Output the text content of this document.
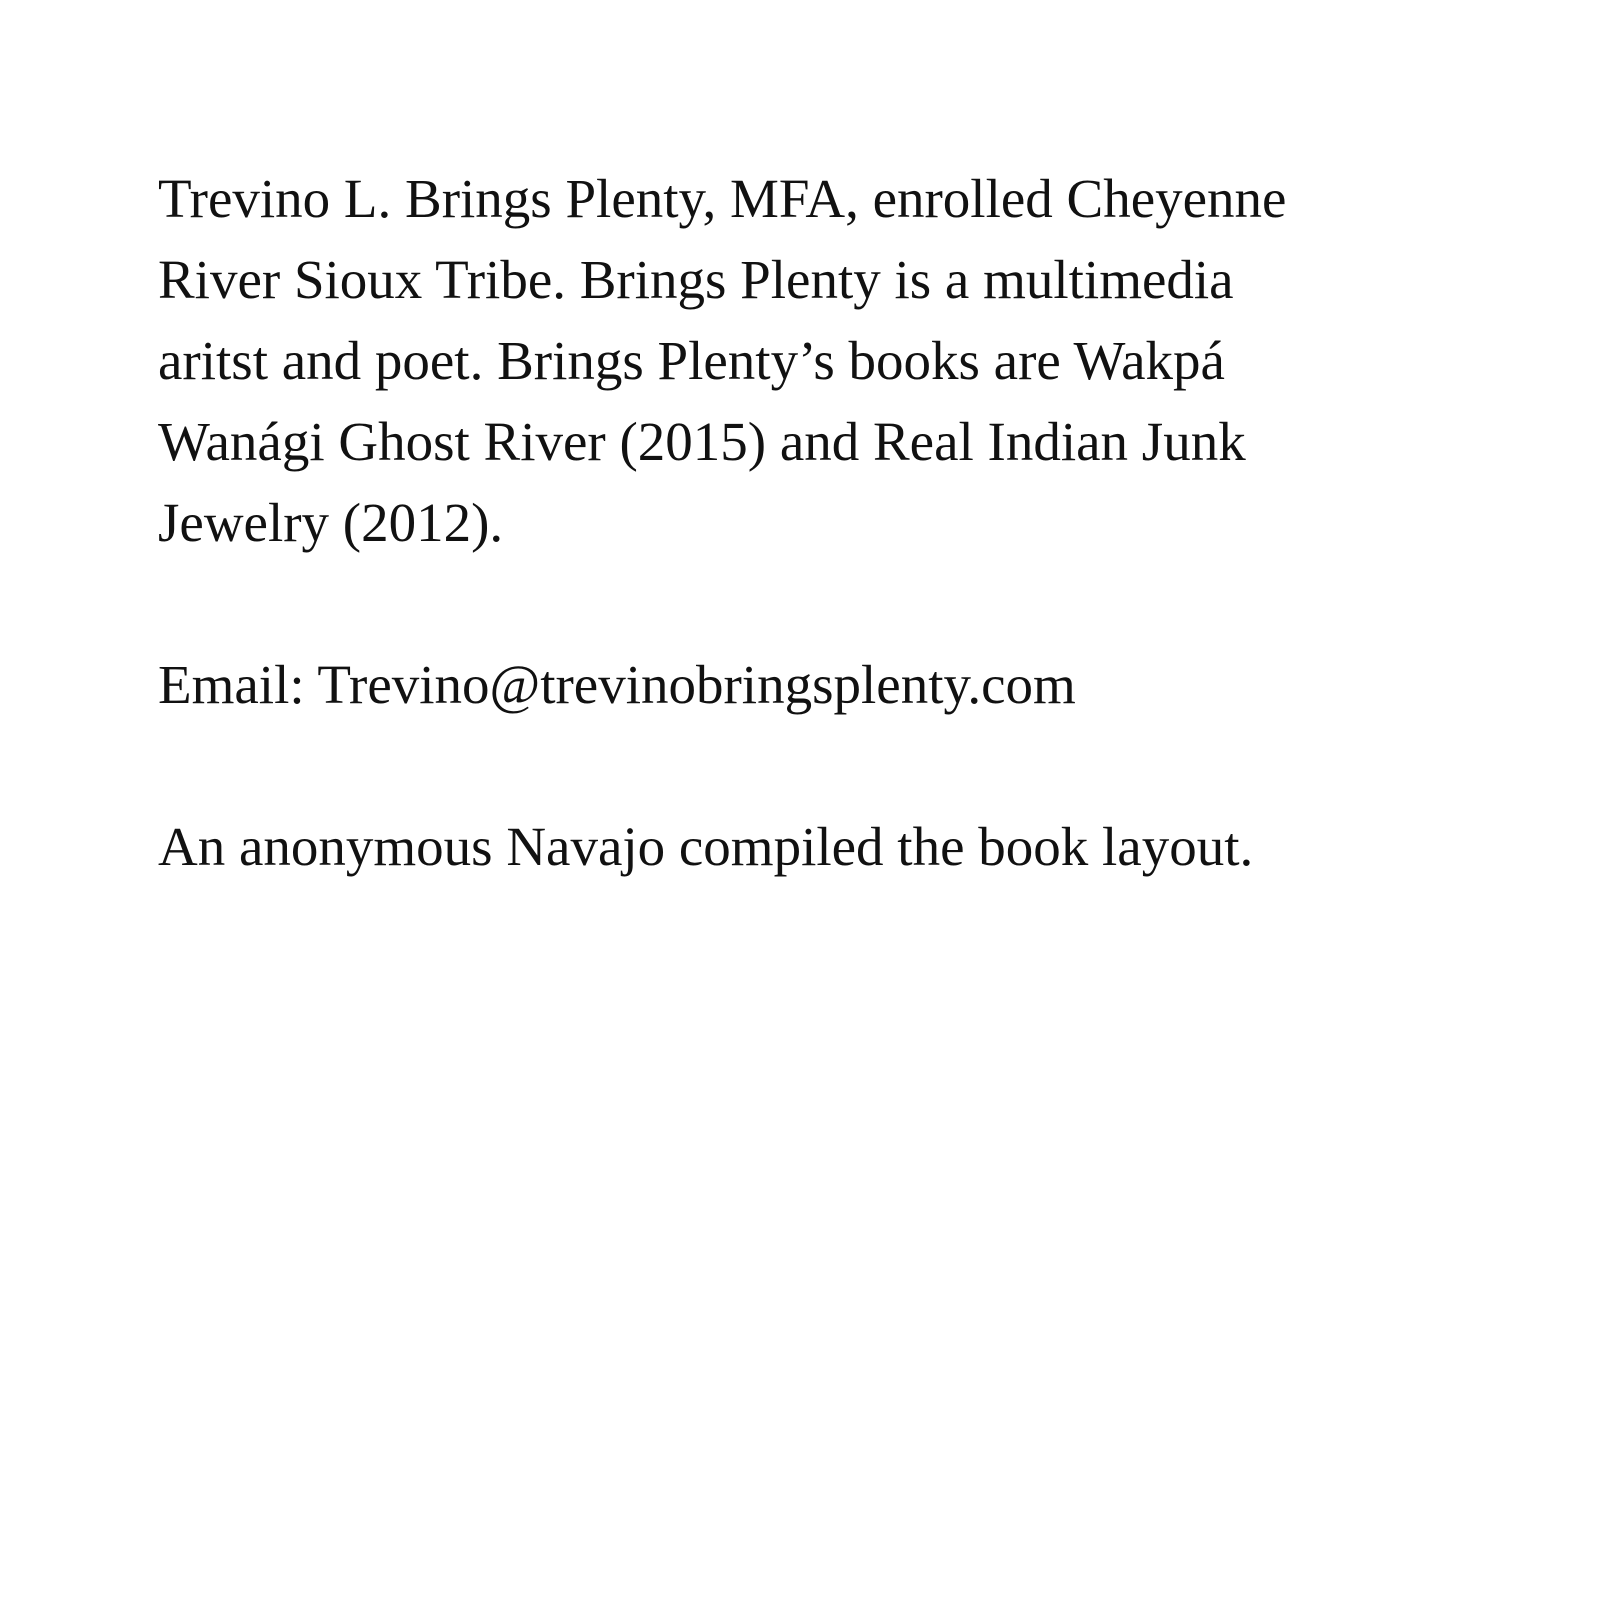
Trevino L. Brings Plenty, MFA, enrolled Cheyenne
River Sioux Tribe. Brings Plenty is a multimedia
aritst and poet. Brings Plenty’s books are Wakpá
Wanági Ghost River (2015) and Real Indian Junk
Jewelry (2012).

Email: Trevino@trevinobringsplenty.com

An anonymous Navajo compiled the book layout.
